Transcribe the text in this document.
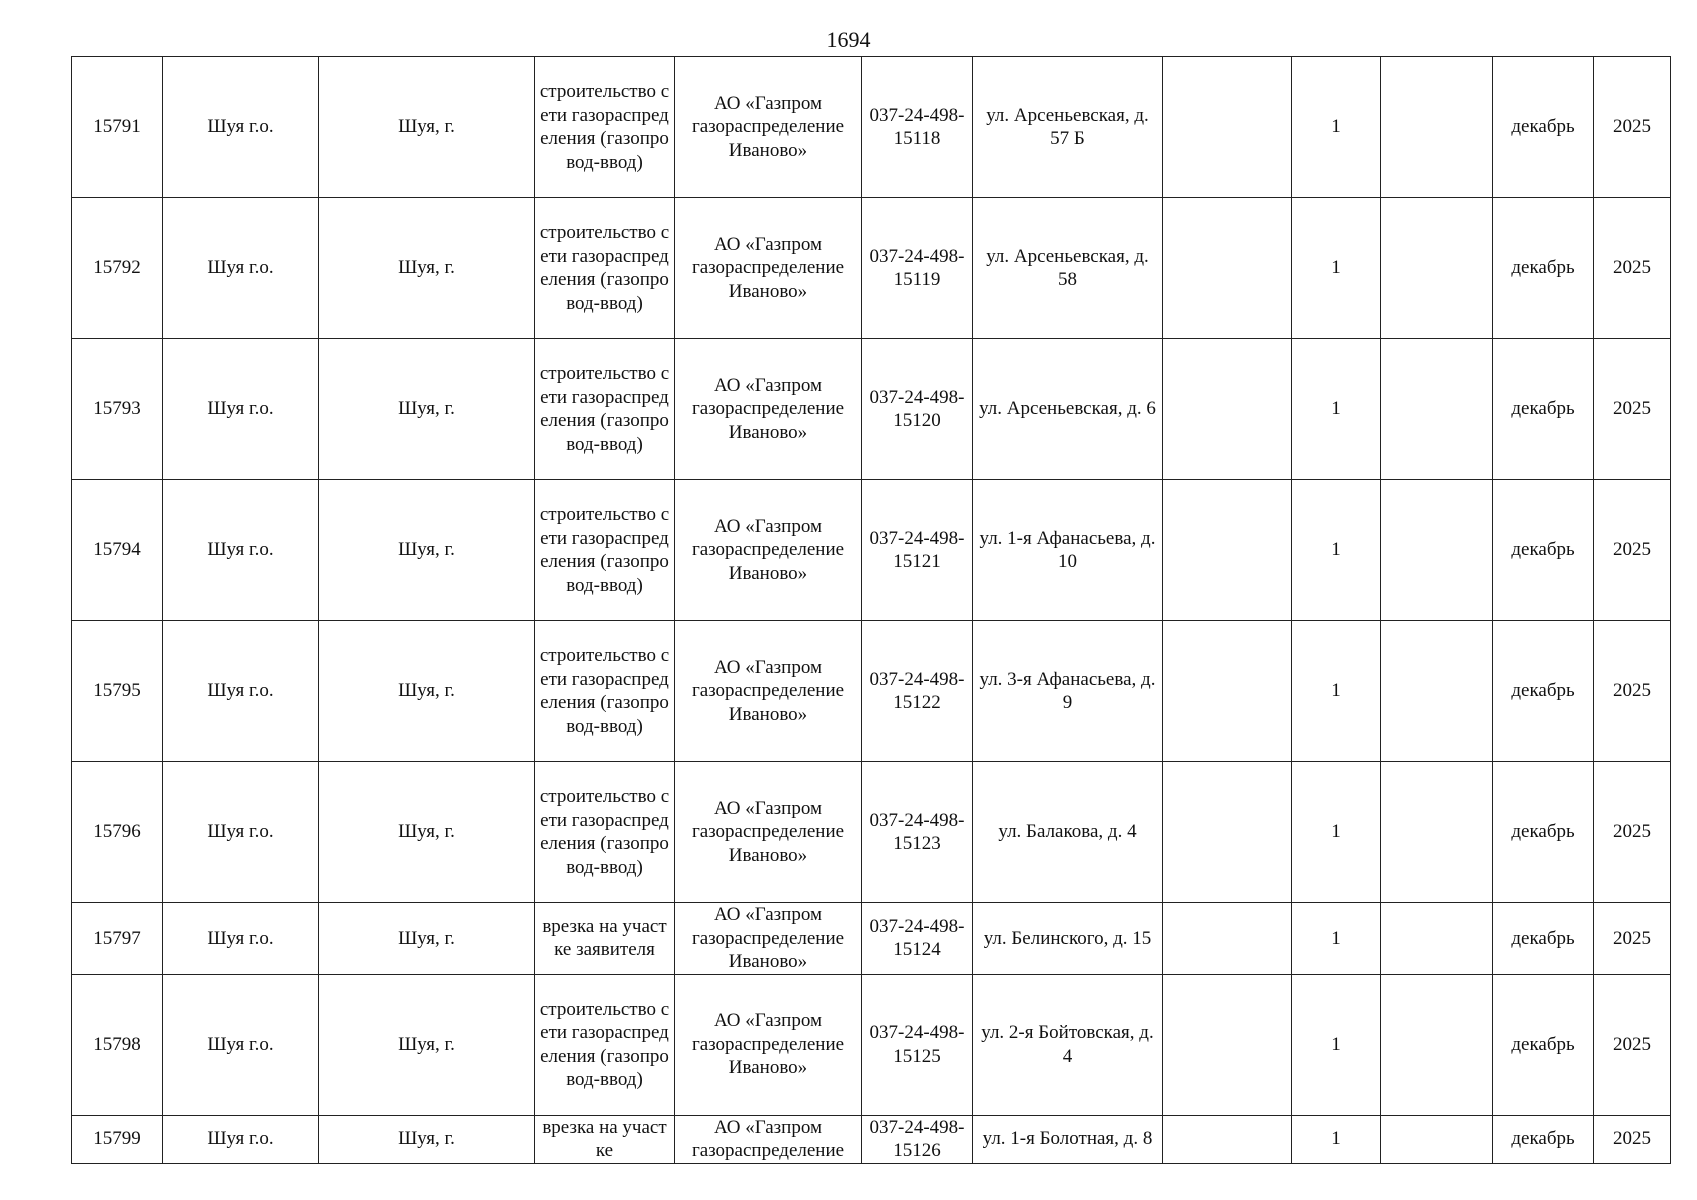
1694
15791	Шуя г.о.	Шуя, г.	строительство сети газораспределения (газопровод-ввод)	АО «Газпром газораспределение Иваново»	037-24-498-15118	ул. Арсеньевская, д. 57 Б		1		декабрь	2025
15792	Шуя г.о.	Шуя, г.	строительство сети газораспределения (газопровод-ввод)	АО «Газпром газораспределение Иваново»	037-24-498-15119	ул. Арсеньевская, д. 58		1		декабрь	2025
15793	Шуя г.о.	Шуя, г.	строительство сети газораспределения (газопровод-ввод)	АО «Газпром газораспределение Иваново»	037-24-498-15120	ул. Арсеньевская, д. 6		1		декабрь	2025
15794	Шуя г.о.	Шуя, г.	строительство сети газораспределения (газопровод-ввод)	АО «Газпром газораспределение Иваново»	037-24-498-15121	ул. 1-я Афанасьева, д. 10		1		декабрь	2025
15795	Шуя г.о.	Шуя, г.	строительство сети газораспределения (газопровод-ввод)	АО «Газпром газораспределение Иваново»	037-24-498-15122	ул. 3-я Афанасьева, д. 9		1		декабрь	2025
15796	Шуя г.о.	Шуя, г.	строительство сети газораспределения (газопровод-ввод)	АО «Газпром газораспределение Иваново»	037-24-498-15123	ул. Балакова, д. 4		1		декабрь	2025
15797	Шуя г.о.	Шуя, г.	врезка на участке заявителя	АО «Газпром газораспределение Иваново»	037-24-498-15124	ул. Белинского, д. 15		1		декабрь	2025
15798	Шуя г.о.	Шуя, г.	строительство сети газораспределения (газопровод-ввод)	АО «Газпром газораспределение Иваново»	037-24-498-15125	ул. 2-я Бойтовская, д. 4		1		декабрь	2025
15799	Шуя г.о.	Шуя, г.	врезка на участке	АО «Газпром газораспределение	037-24-498-15126	ул. 1-я Болотная, д. 8		1		декабрь	2025
